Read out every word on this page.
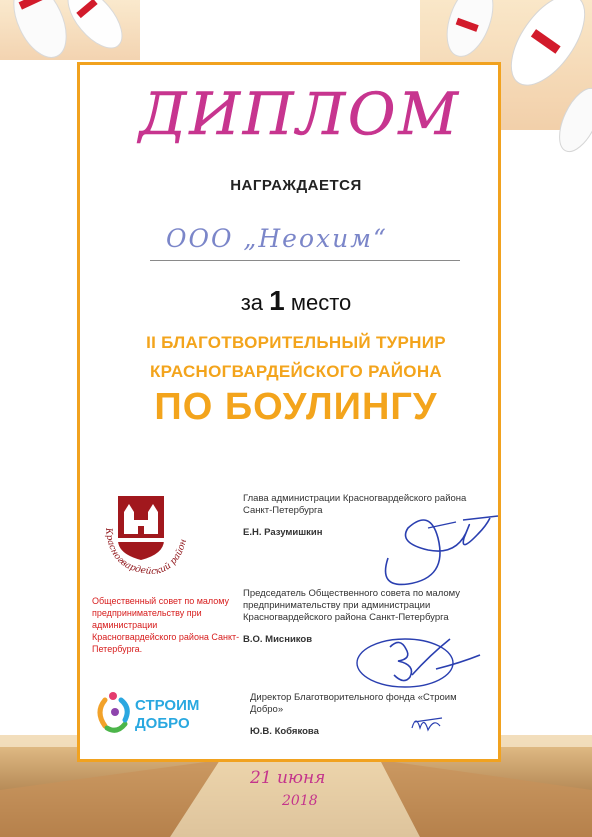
ДИПЛОМ
НАГРАЖДАЕТСЯ
ООО „Неохим“
за 1 место
II БЛАГОТВОРИТЕЛЬНЫЙ ТУРНИР
КРАСНОГВАРДЕЙСКОГО РАЙОНА
ПО БОУЛИНГУ
Красногвардейский район
Общественный совет по малому предпринимательству при администрации Красногвардейского района Санкт-Петербурга.
СТРОИМ
ДОБРО
Глава администрации Красногвардейского района Санкт-Петербурга
Е.Н. Разумишкин
Председатель Общественного совета по малому предпринимательству при администрации Красногвардейского района Санкт-Петербурга
В.О. Мисников
Директор Благотворительного фонда «Строим Добро»
Ю.В. Кобякова
21 июня
2018
